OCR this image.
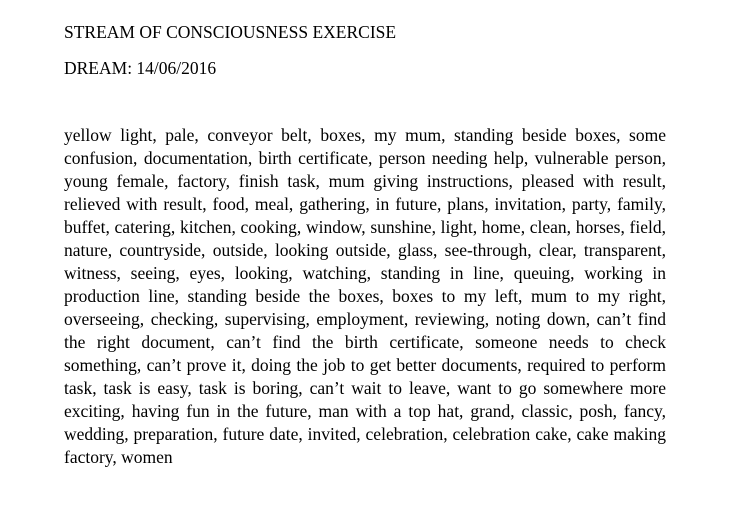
STREAM OF CONSCIOUSNESS EXERCISE

DREAM: 14/06/2016

yellow light, pale, conveyor belt, boxes, my mum, standing beside boxes, some confusion, documentation, birth certificate, person needing help, vulnerable person, young female, factory, finish task, mum giving instructions, pleased with result, relieved with result, food, meal, gathering, in future, plans, invitation, party, family, buffet, catering, kitchen, cooking, window, sunshine, light, home, clean, horses, field, nature, countryside, outside, looking outside, glass, see-through, clear, transparent, witness, seeing, eyes, looking, watching, standing in line, queuing, working in production line, standing beside the boxes, boxes to my left, mum to my right, overseeing, checking, supervising, employment, reviewing, noting down, can’t find the right document, can’t find the birth certificate, someone needs to check something, can’t prove it, doing the job to get better documents, required to perform task, task is easy, task is boring, can’t wait to leave, want to go somewhere more exciting, having fun in the future, man with a top hat, grand, classic, posh, fancy, wedding, preparation, future date, invited, celebration, celebration cake, cake making factory, women
